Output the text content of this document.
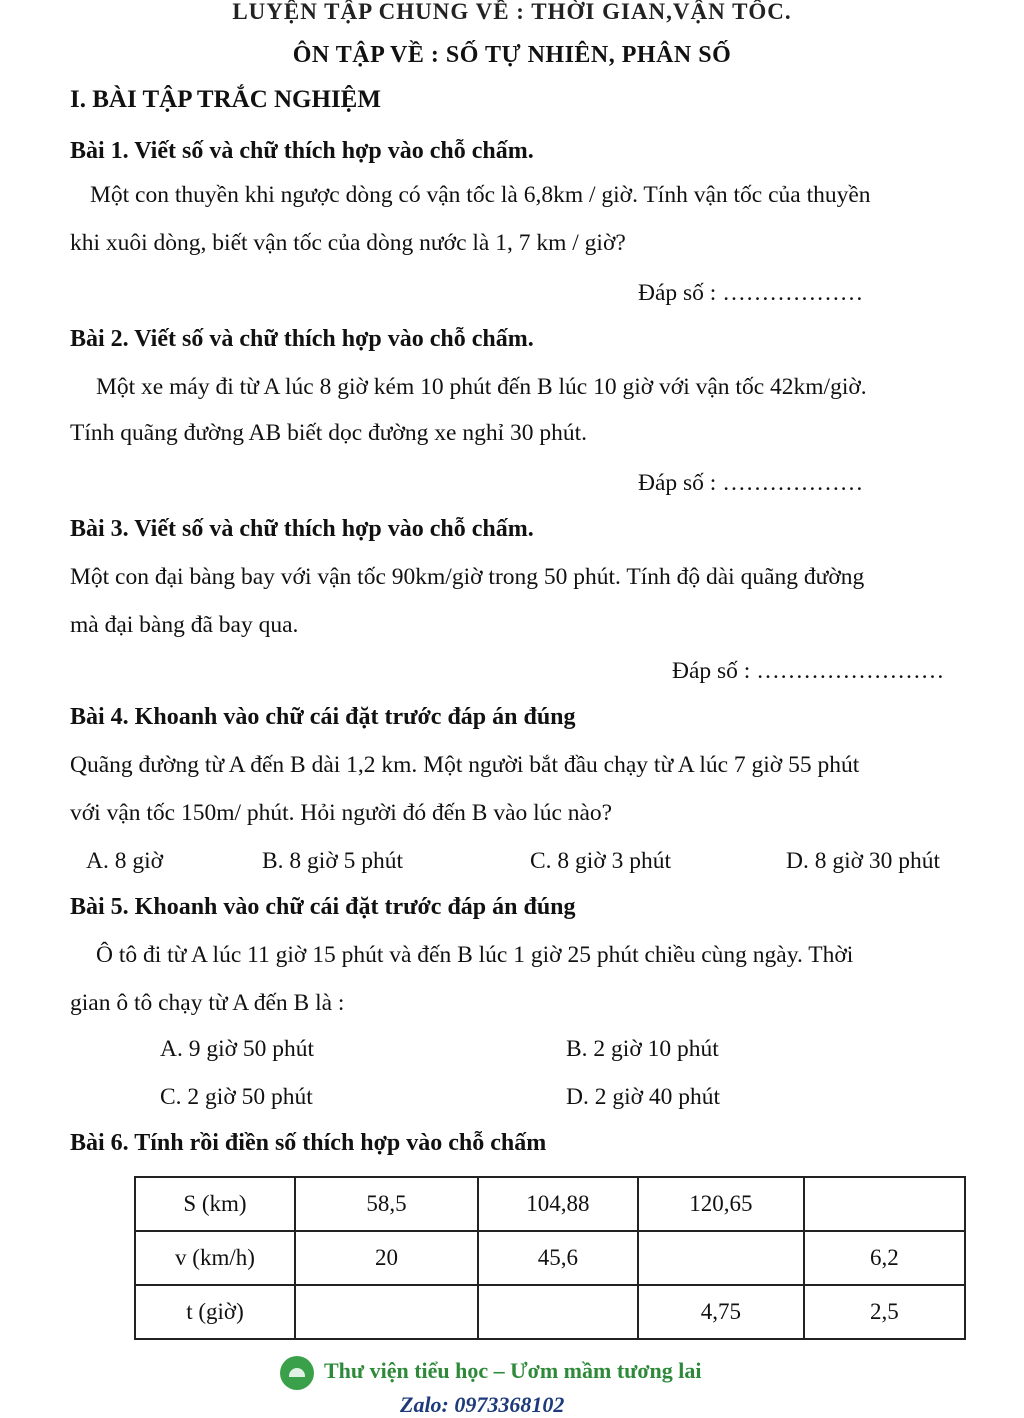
LUYỆN TẬP CHUNG VỀ : THỜI GIAN,VẬN TỐC.
ÔN TẬP VỀ : SỐ TỰ NHIÊN, PHÂN SỐ
I. BÀI TẬP TRẮC NGHIỆM
Bài 1. Viết số và chữ thích hợp vào chỗ chấm.
Một con thuyền khi ngược dòng có vận tốc là 6,8km / giờ. Tính vận tốc của thuyền
khi xuôi dòng, biết vận tốc của dòng nước là 1, 7 km / giờ?
Đáp số : ………………
Bài 2. Viết số và chữ thích hợp vào chỗ chấm.
Một xe máy đi từ A lúc 8 giờ kém 10 phút đến B lúc 10 giờ với vận tốc 42km/giờ.
Tính quãng đường AB biết dọc đường xe nghỉ 30 phút.
Đáp số : ………………
Bài 3. Viết số và chữ thích hợp vào chỗ chấm.
Một con đại bàng bay với vận tốc 90km/giờ trong 50 phút. Tính độ dài quãng đường
mà đại bàng đã bay qua.
Đáp số : ……………………
Bài 4. Khoanh vào chữ cái đặt trước đáp án đúng
Quãng đường từ A đến B dài 1,2 km. Một người bắt đầu chạy từ A lúc 7 giờ 55 phút
với vận tốc 150m/ phút. Hỏi người đó đến B vào lúc nào?
A. 8 giờ	B. 8 giờ 5 phút	C. 8 giờ 3 phút	D. 8 giờ 30 phút
Bài 5. Khoanh vào chữ cái đặt trước đáp án đúng
Ô tô đi từ A lúc 11 giờ 15 phút và đến B lúc 1 giờ 25 phút chiều cùng ngày. Thời
gian ô tô chạy từ A đến B là :
A. 9 giờ 50 phút	B. 2 giờ 10 phút
C. 2 giờ 50 phút	D. 2 giờ 40 phút
Bài 6. Tính rồi điền số thích hợp vào chỗ chấm
S (km)	58,5	104,88	120,65	
v (km/h)	20	45,6		6,2
t (giờ)			4,75	2,5
Thư viện tiểu học – Ươm mầm tương lai
Zalo: 0973368102
